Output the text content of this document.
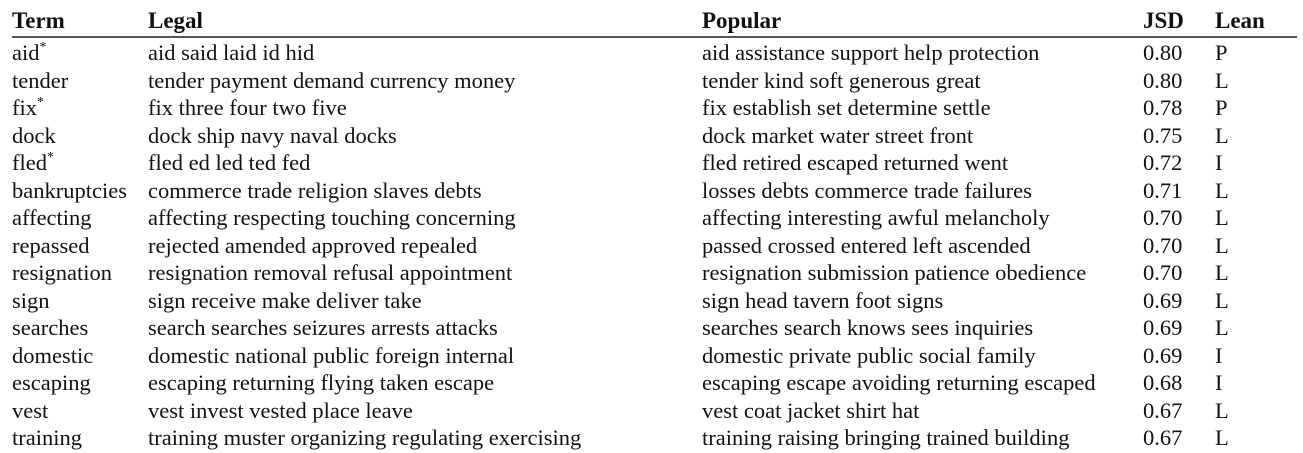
Term	Legal	Popular	JSD	Lean
aid*	aid said laid id hid	aid assistance support help protection	0.80	P
tender	tender payment demand currency money	tender kind soft generous great	0.80	L
fix*	fix three four two five	fix establish set determine settle	0.78	P
dock	dock ship navy naval docks	dock market water street front	0.75	L
fled*	fled ed led ted fed	fled retired escaped returned went	0.72	I
bankruptcies	commerce trade religion slaves debts	losses debts commerce trade failures	0.71	L
affecting	affecting respecting touching concerning	affecting interesting awful melancholy	0.70	L
repassed	rejected amended approved repealed	passed crossed entered left ascended	0.70	L
resignation	resignation removal refusal appointment	resignation submission patience obedience	0.70	L
sign	sign receive make deliver take	sign head tavern foot signs	0.69	L
searches	search searches seizures arrests attacks	searches search knows sees inquiries	0.69	L
domestic	domestic national public foreign internal	domestic private public social family	0.69	I
escaping	escaping returning flying taken escape	escaping escape avoiding returning escaped	0.68	I
vest	vest invest vested place leave	vest coat jacket shirt hat	0.67	L
training	training muster organizing regulating exercising	training raising bringing trained building	0.67	L
